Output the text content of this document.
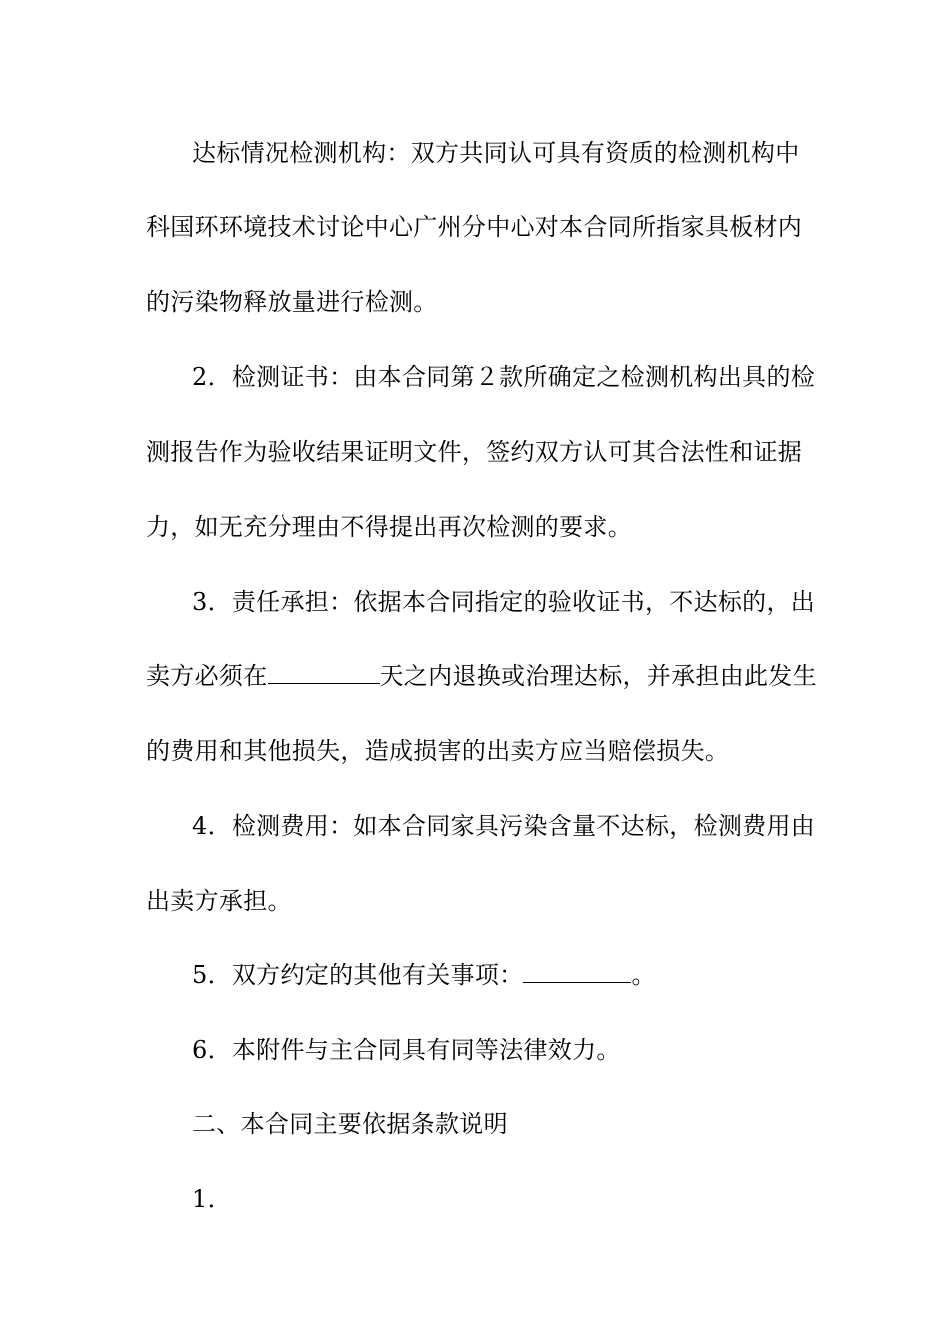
达标情况检测机构：双方共同认可具有资质的检测机构中
科国环环境技术讨论中心广州分中心对本合同所指家具板材内
的污染物释放量进行检测。
2．检测证书：由本合同第２款所确定之检测机构出具的检
测报告作为验收结果证明文件，签约双方认可其合法性和证据
力，如无充分理由不得提出再次检测的要求。
3．责任承担：依据本合同指定的验收证书，不达标的，出
卖方必须在	天之内退换或治理达标，并承担由此发生
的费用和其他损失，造成损害的出卖方应当赔偿损失。
4．检测费用：如本合同家具污染含量不达标，检测费用由
出卖方承担。
5．双方约定的其他有关事项：	。
6．本附件与主合同具有同等法律效力。
二、本合同主要依据条款说明
1．
